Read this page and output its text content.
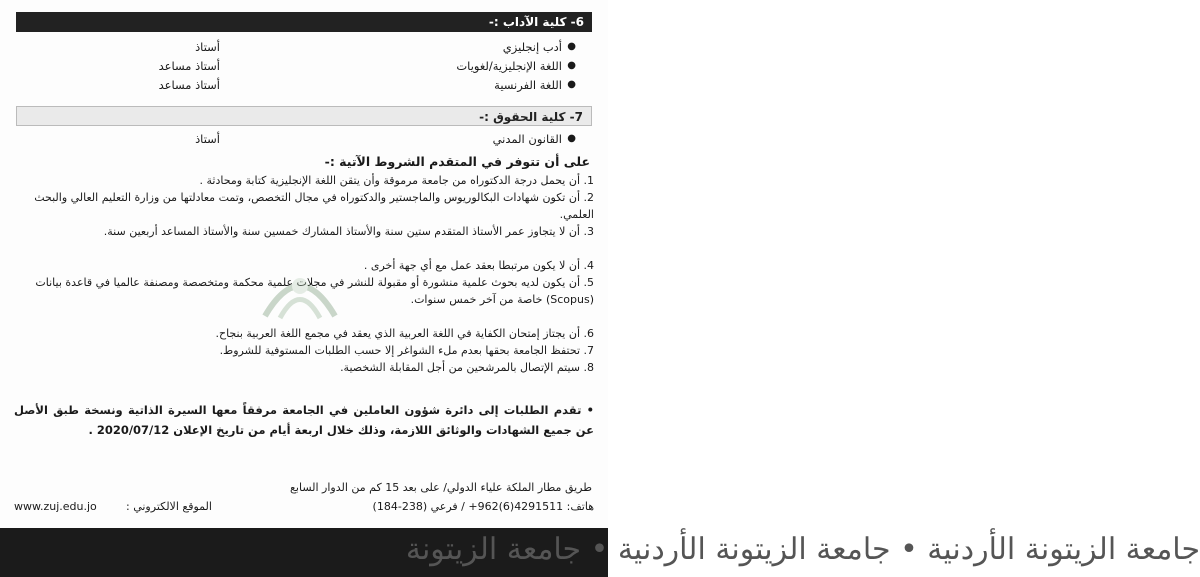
6- كلية الآداب :-
●
أدب إنجليزي
أستاذ
●
اللغة الإنجليزية/لغويات
أستاذ مساعد
●
اللغة الفرنسية
أستاذ مساعد
7- كلية الحقوق :-
●
القانون المدني
أستاذ
على أن تتوفر في المتقدم الشروط الآتية :-
1. أن يحمل درجة الدكتوراه من جامعة مرموقة وأن يتقن اللغة الإنجليزية كتابة ومحادثة .
2. أن تكون شهادات البكالوريوس والماجستير والدكتوراه في مجال التخصص، وتمت معادلتها من وزارة التعليم العالي والبحث العلمي.
3. أن لا يتجاوز عمر الأستاذ المتقدم ستين سنة والأستاذ المشارك خمسين سنة والأستاذ المساعد أربعين سنة.
4. أن لا يكون مرتبطا بعقد عمل مع أي جهة أخرى .
5. أن يكون لديه بحوث علمية منشورة أو مقبولة للنشر في مجلات علمية محكمة ومتخصصة ومصنفة عالميا في قاعدة بيانات (Scopus) خاصة من آخر خمس سنوات.
6. أن يجتاز إمتحان الكفاية في اللغة العربية الذي يعقد في مجمع اللغة العربية بنجاح.
7. تحتفظ الجامعة بحقها بعدم ملء الشواغر إلا حسب الطلبات المستوفية للشروط.
8. سيتم الإتصال بالمرشحين من أجل المقابلة الشخصية.
• تقدم الطلبات إلى دائرة شؤون العاملين في الجامعة مرفقاً معها السيرة الذاتية ونسخة طبق الأصل عن جميع الشهادات والوثائق اللازمة، وذلك خلال اربعة أيام من تاريخ الإعلان 2020/07/12 .
طريق مطار الملكة علياء الدولي/ على بعد 15 كم من الدوار السابع
هاتف: 4291511(6)962+ / فرعي (238-184)
الموقع الالكتروني :
www.zuj.edu.jo
جامعة الزيتونة الأردنية • جامعة الزيتونة الأردنية • جامعة الزيتونة
